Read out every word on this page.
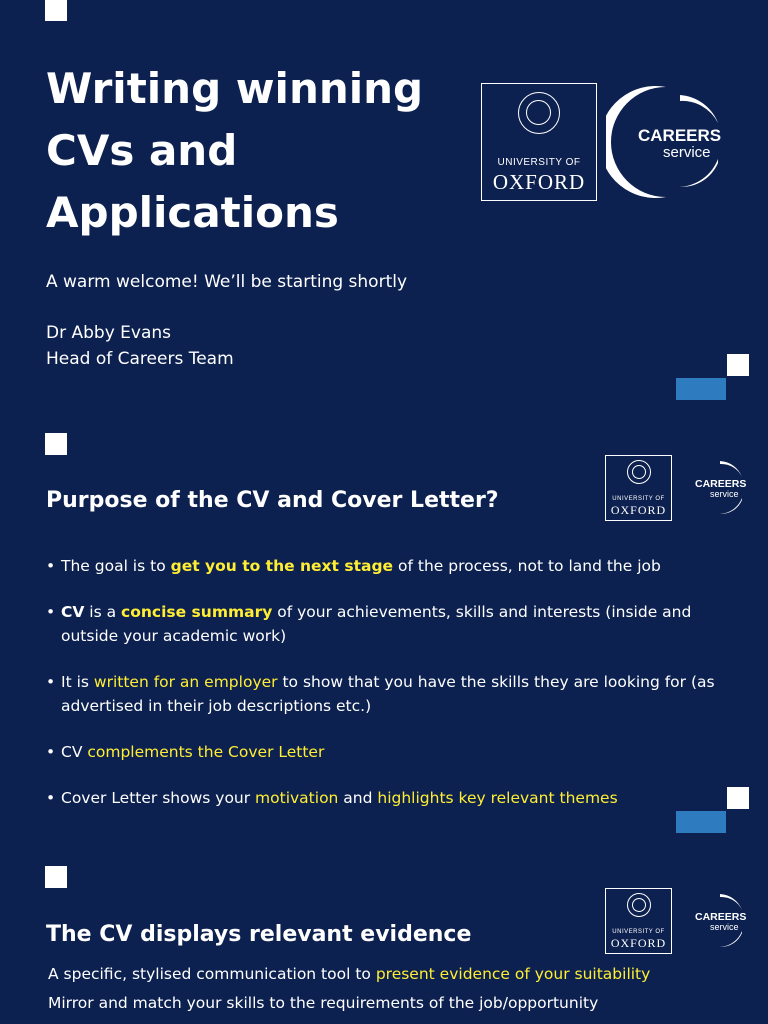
Writing winning CVs and Applications
UNIVERSITY OF
OXFORD
CAREERS
service
A warm welcome! We’ll be starting shortly
Dr Abby Evans
Head of Careers Team
UNIVERSITY OF
OXFORD
CAREERS
service
Purpose of the CV and Cover Letter?
• The goal is to get you to the next stage of the process, not to land the job
• CV is a concise summary of your achievements, skills and interests (inside and outside your academic work)
• It is written for an employer to show that you have the skills they are looking for (as advertised in their job descriptions etc.)
• CV complements the Cover Letter
• Cover Letter shows your motivation and highlights key relevant themes
UNIVERSITY OF
OXFORD
CAREERS
service
The CV displays relevant evidence
A specific, stylised communication tool to present evidence of your suitability
Mirror and match your skills to the requirements of the job/opportunity
